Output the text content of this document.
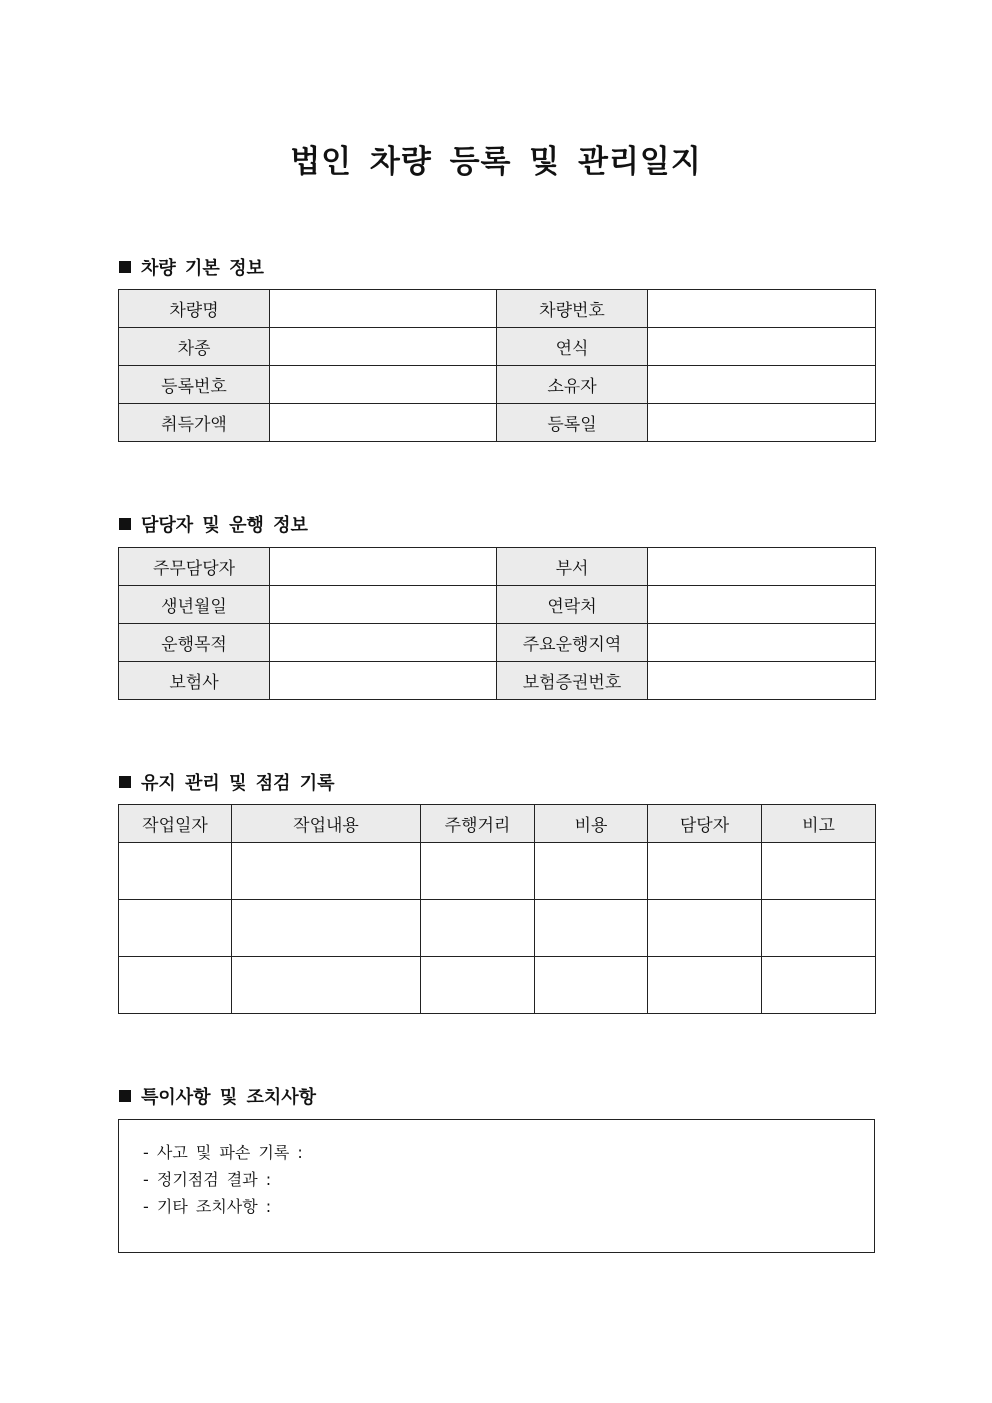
법인 차량 등록 및 관리일지
차량 기본 정보
차량명		차량번호	
차종		연식	
등록번호		소유자	
취득가액		등록일	
담당자 및 운행 정보
주무담당자		부서	
생년월일		연락처	
운행목적		주요운행지역	
보험사		보험증권번호	
유지 관리 및 점검 기록
작업일자	작업내용	주행거리	비용	담당자	비고

특이사항 및 조치사항
- 사고 및 파손 기록 :
- 정기점검 결과 :
- 기타 조치사항 :
